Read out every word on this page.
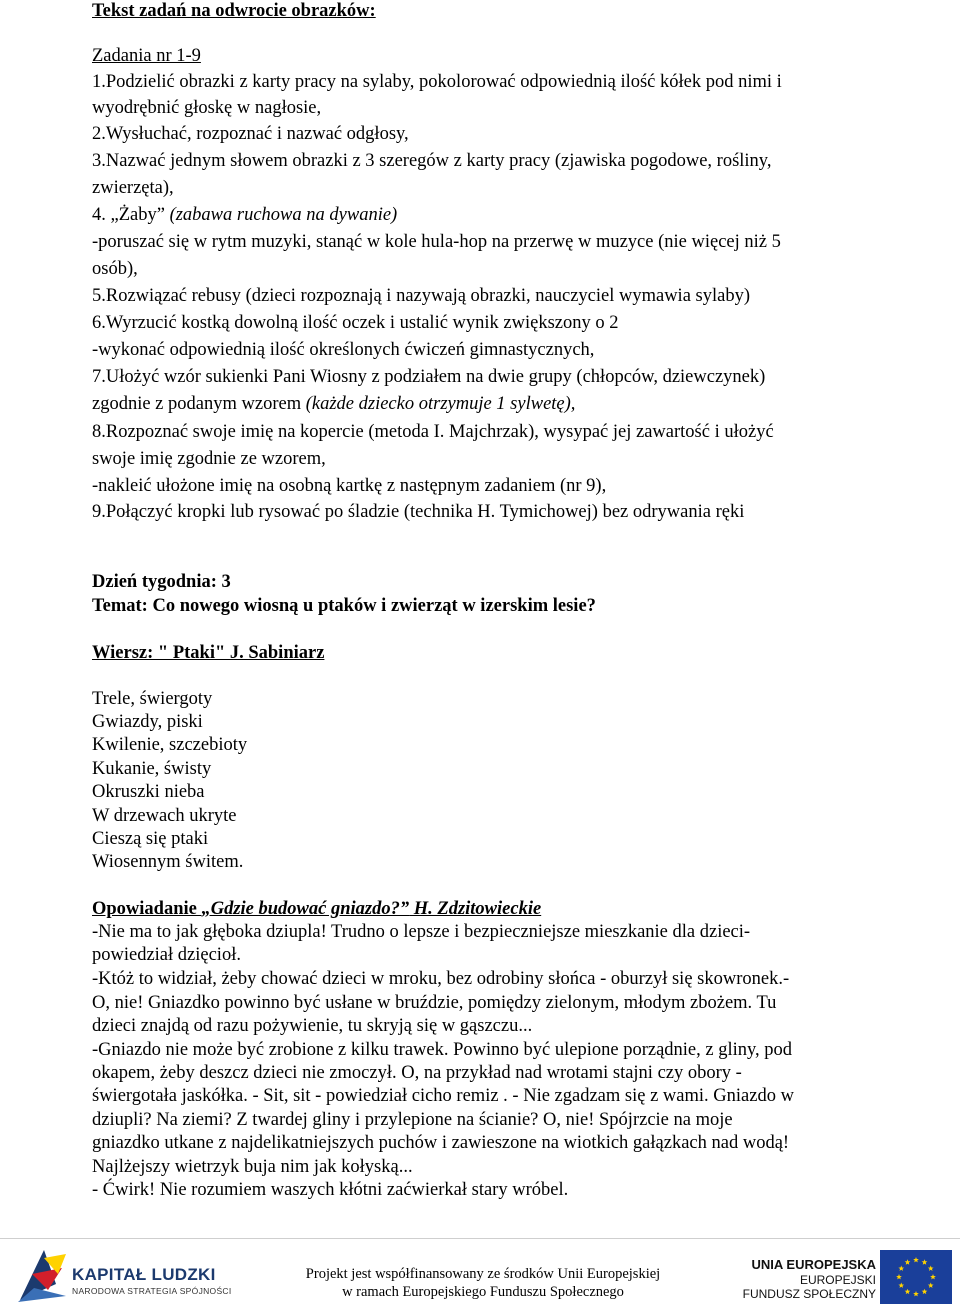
Tekst zadań na odwrocie obrazków:
Zadania nr 1-9
1.Podzielić obrazki z karty pracy na sylaby, pokolorować odpowiednią ilość kółek pod nimi i
wyodrębnić głoskę w nagłosie,
2.Wysłuchać, rozpoznać i nazwać odgłosy,
3.Nazwać jednym słowem obrazki z 3 szeregów z karty pracy (zjawiska pogodowe, rośliny,
zwierzęta),
4. „Żaby” (zabawa ruchowa na dywanie)
-poruszać się w rytm muzyki, stanąć w kole hula-hop na przerwę w muzyce (nie więcej niż 5
osób),
5.Rozwiązać rebusy (dzieci rozpoznają i nazywają obrazki, nauczyciel wymawia sylaby)
6.Wyrzucić kostką dowolną ilość oczek i ustalić wynik zwiększony o 2
-wykonać odpowiednią ilość określonych ćwiczeń gimnastycznych,
7.Ułożyć wzór sukienki Pani Wiosny z podziałem na dwie grupy (chłopców, dziewczynek)
zgodnie z podanym wzorem (każde dziecko otrzymuje 1 sylwetę),
8.Rozpoznać swoje imię na kopercie (metoda I. Majchrzak), wysypać jej zawartość i ułożyć
swoje imię zgodnie ze wzorem,
-nakleić ułożone imię na osobną kartkę z następnym zadaniem (nr 9),
9.Połączyć kropki lub rysować po śladzie (technika H. Tymichowej) bez odrywania ręki
Dzień tygodnia: 3
Temat: Co nowego wiosną u ptaków i zwierząt w izerskim lesie?
Wiersz: " Ptaki" J. Sabiniarz
Trele, świergoty
Gwiazdy, piski
Kwilenie, szczebioty
Kukanie, świsty
Okruszki nieba
W drzewach ukryte
Cieszą się ptaki
Wiosennym świtem.
Opowiadanie „Gdzie budować gniazdo?” H. Zdzitowieckie
-Nie ma to jak głęboka dziupla! Trudno o lepsze i bezpieczniejsze mieszkanie dla dzieci-
powiedział dzięcioł.
-Któż to widział, żeby chować dzieci w mroku, bez odrobiny słońca - oburzył się skowronek.-
O, nie! Gniazdko powinno być usłane w bruździe, pomiędzy zielonym, młodym zbożem. Tu
dzieci znajdą od razu pożywienie, tu skryją się w gąszczu...
-Gniazdo nie może być zrobione z kilku trawek. Powinno być ulepione porządnie, z gliny, pod
okapem, żeby deszcz dzieci nie zmoczył. O, na przykład nad wrotami stajni czy obory -
świergotała jaskółka. - Sit, sit - powiedział cicho remiz . - Nie zgadzam się z wami. Gniazdo w
dziupli? Na ziemi? Z twardej gliny i przylepione na ścianie? O, nie! Spójrzcie na moje
gniazdko utkane z najdelikatniejszych puchów i zawieszone na wiotkich gałązkach nad wodą!
Najlżejszy wietrzyk buja nim jak kołyską...
- Ćwirk! Nie rozumiem waszych kłótni zaćwierkał stary wróbel.
KAPITAŁ LUDZKI
NARODOWA STRATEGIA SPÓJNOŚCI
Projekt jest współfinansowany ze środków Unii Europejskiej
w ramach Europejskiego Funduszu Społecznego
UNIA EUROPEJSKA
EUROPEJSKI
FUNDUSZ SPOŁECZNY
